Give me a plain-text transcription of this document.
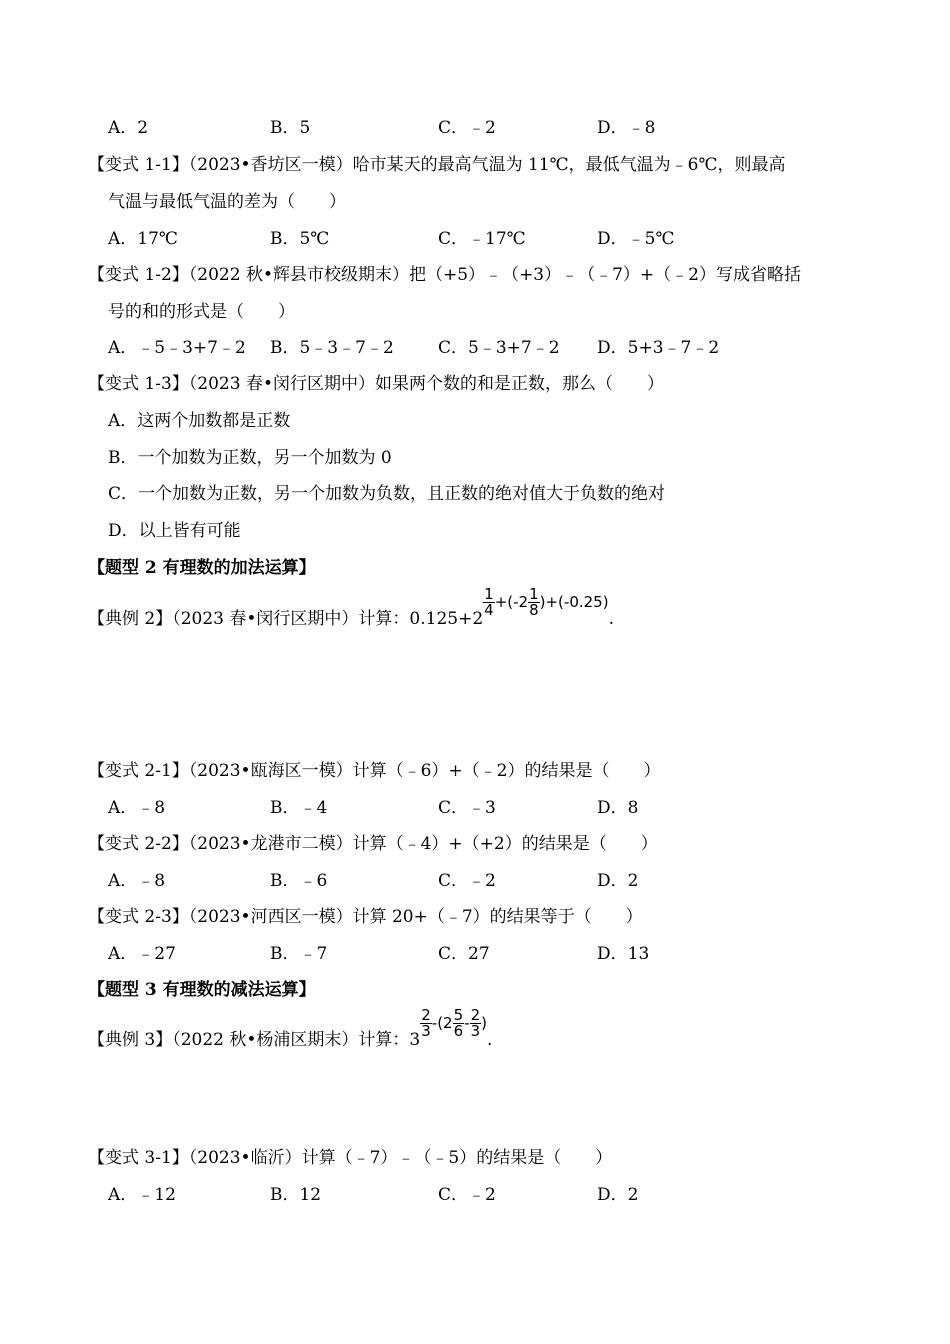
A．2	B．5	C．﹣2	D．﹣8
【变式 1-1】（2023•香坊区一模）哈市某天的最高气温为 11℃，最低气温为﹣6℃，则最高
气温与最低气温的差为（　　）
A．17℃	B．5℃	C．﹣17℃	D．﹣5℃
【变式 1-2】（2022 秋•辉县市校级期末）把（+5）﹣（+3）﹣（﹣7）+（﹣2）写成省略括
号的和的形式是（　　）
A．﹣5﹣3+7﹣2 B．5﹣3﹣7﹣2	C．5﹣3+7﹣2 D．5+3﹣7﹣2
【变式 1-3】（2023 春•闵行区期中）如果两个数的和是正数，那么（　　）
A．这两个加数都是正数
B．一个加数为正数，另一个加数为 0
C．一个加数为正数，另一个加数为负数，且正数的绝对值大于负数的绝对
D．以上皆有可能
【题型 2 有理数的加法运算】
【典例 2】（2023 春•闵行区期中）计算：0.125+2
$\frac{1}{4} +(-2 \frac{1}{8} )+(-0.25)$.
【变式 2-1】（2023•瓯海区一模）计算（﹣6）+（﹣2）的结果是（　　）
A．﹣8	B．﹣4	C．﹣3	D．8
【变式 2-2】（2023•龙港市二模）计算（﹣4）+（+2）的结果是（　　）
A．﹣8	B．﹣6	C．﹣2	D．2
【变式 2-3】（2023•河西区一模）计算 20+（﹣7）的结果等于（　　）
A．﹣27	B．﹣7	C．27	D．13
【题型 3 有理数的减法运算】
【典例 3】（2022 秋•杨浦区期末）计算：3
$\frac{2}{3} -(2 \frac{5}{6} - \frac{2}{3}$ ).
【变式 3-1】（2023•临沂）计算（﹣7）﹣（﹣5）的结果是（　　）
A．﹣12	B．12	C．﹣2	D．2
